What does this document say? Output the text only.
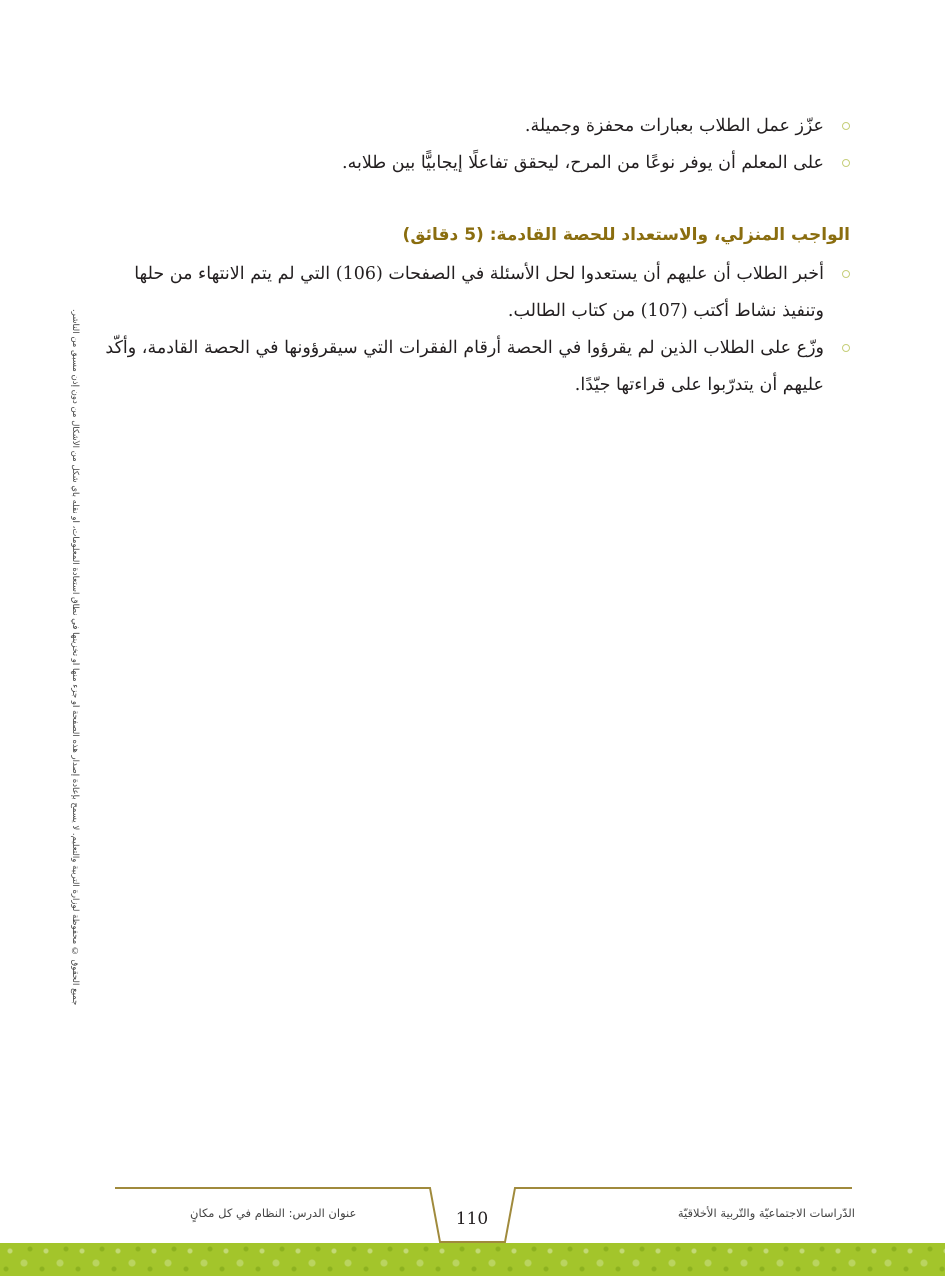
عزّز عمل الطلاب بعبارات محفزة وجميلة.
على المعلم أن يوفر نوعًا من المرح، ليحقق تفاعلًا إيجابيًّا بين طلابه.
الواجب المنزلي، والاستعداد للحصة القادمة: (5 دقائق)
أخبر الطلاب أن عليهم أن يستعدوا لحل الأسئلة في الصفحات (106) التي لم يتم الانتهاء من حلها وتنفيذ نشاط أكتب (107) من كتاب الطالب.
وزّع على الطلاب الذين لم يقرؤوا في الحصة أرقام الفقرات التي سيقرؤونها في الحصة القادمة، وأكّد عليهم أن يتدرّبوا على قراءتها جيّدًا.
جميع الحقوق © محفوظة لوزارة التربية والتعليم. لا يسمح بإعادة إصدار هذه الصفحة أو جزء منها أو تخزينها في نطاق استعادة المعلومات، أو نقله بأي شكل من الأشكال من دون إذن مسبق من الناشر.
الدّراسات الاجتماعيّة والتّربية الأخلاقيّة
110
عنوان الدرس: النظام في كل مكانٍ
